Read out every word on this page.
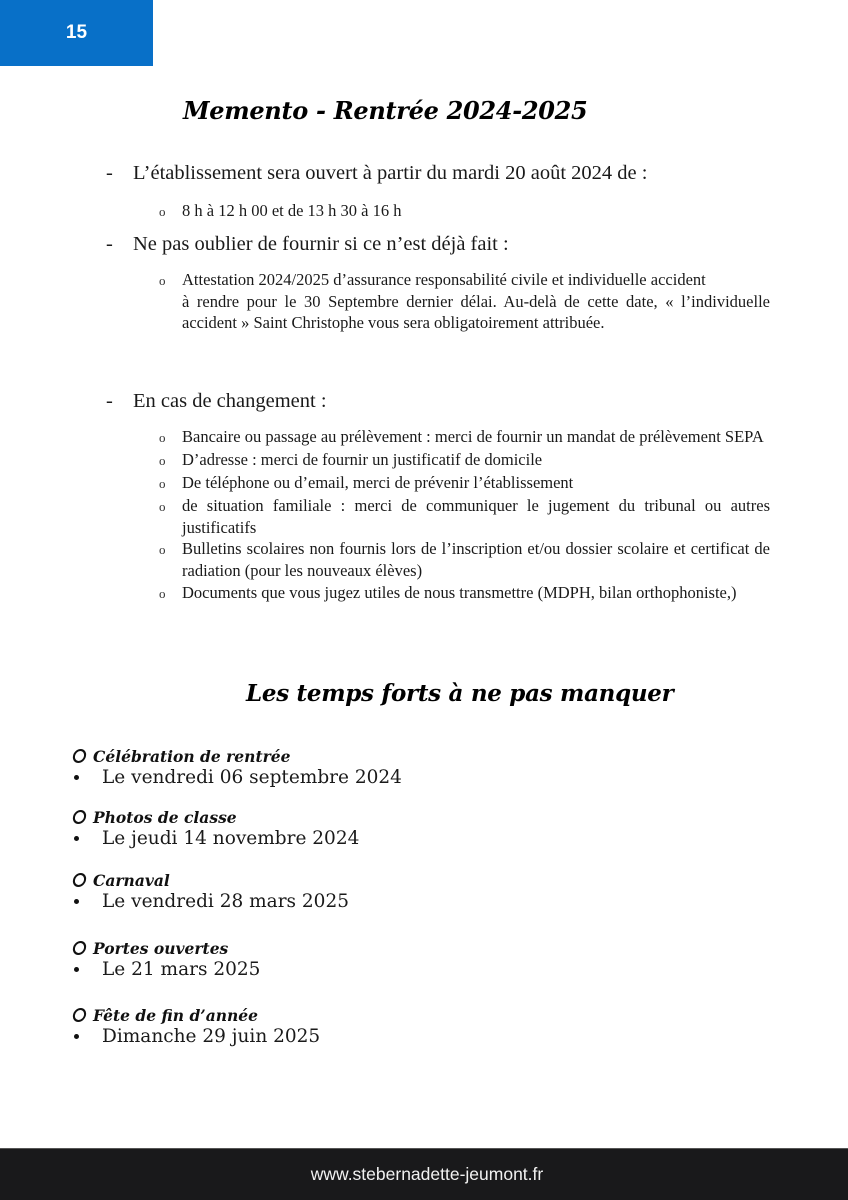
15
Memento - Rentrée 2024-2025
- L’établissement sera ouvert à partir du mardi 20 août 2024 de :
o	8 h à 12 h 00 et de 13 h 30 à 16 h
- Ne pas oublier de fournir si ce n’est déjà fait :
o	Attestation 2024/2025 d’assurance responsabilité civile et individuelle accident

à rendre pour le 30 Septembre dernier délai. Au-delà de cette date, « l’individuelle accident » Saint Christophe vous sera obligatoirement attribuée.
- En cas de changement :
o	Bancaire ou passage au prélèvement : merci de fournir un mandat de prélèvement SEPA
o	D’adresse : merci de fournir un justificatif de domicile
o	De téléphone ou d’email, merci de prévenir l’établissement
o	de situation familiale : merci de communiquer le jugement du tribunal ou autres justificatifs
o	Bulletins scolaires non fournis lors de l’inscription et/ou dossier scolaire et certificat de radiation (pour les nouveaux élèves)
o	Documents que vous jugez utiles de nous transmettre (MDPH, bilan orthophoniste,)
Les temps forts à ne pas manquer
Célébration de rentrée
Le vendredi 06 septembre 2024
Photos de classe
Le jeudi 14 novembre 2024
Carnaval
Le vendredi 28 mars 2025
Portes ouvertes
Le 21 mars 2025
Fête de fin d’année
Dimanche 29 juin 2025
www.stebernadette-jeumont.fr
